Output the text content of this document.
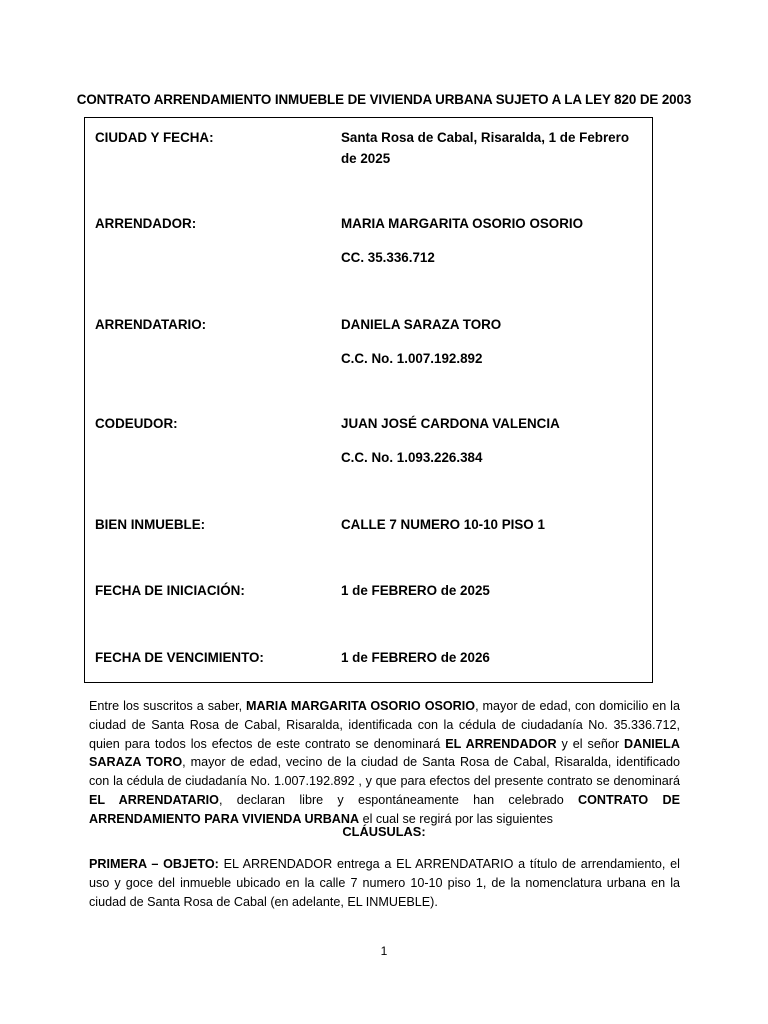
CONTRATO ARRENDAMIENTO INMUEBLE DE VIVIENDA URBANA SUJETO A LA LEY 820 DE 2003
CIUDAD Y FECHA:	Santa Rosa de Cabal, Risaralda, 1 de Febrero de 2025
ARRENDADOR:	MARIA MARGARITA OSORIO OSORIO
CC. 35.336.712
ARRENDATARIO:	DANIELA SARAZA TORO
C.C. No. 1.007.192.892
CODEUDOR:	JUAN JOSÉ CARDONA VALENCIA
C.C. No. 1.093.226.384
BIEN INMUEBLE:	CALLE 7 NUMERO 10-10 PISO 1
FECHA DE INICIACIÓN:	1 de FEBRERO de 2025
FECHA DE VENCIMIENTO:	1 de FEBRERO de 2026
Entre los suscritos a saber, MARIA MARGARITA OSORIO OSORIO, mayor de edad, con domicilio en la ciudad de Santa Rosa de Cabal, Risaralda, identificada con la cédula de ciudadanía No. 35.336.712, quien para todos los efectos de este contrato se denominará EL ARRENDADOR y el señor DANIELA SARAZA TORO, mayor de edad, vecino de la ciudad de Santa Rosa de Cabal, Risaralda, identificado con la cédula de ciudadanía No. 1.007.192.892 , y que para efectos del presente contrato se denominará EL ARRENDATARIO, declaran libre y espontáneamente han celebrado CONTRATO DE ARRENDAMIENTO PARA VIVIENDA URBANA el cual se regirá por las siguientes
CLÁUSULAS:
PRIMERA – OBJETO: EL ARRENDADOR entrega a EL ARRENDATARIO a título de arrendamiento, el uso y goce del inmueble ubicado en la calle 7 numero 10-10 piso 1, de la nomenclatura urbana en la ciudad de Santa Rosa de Cabal (en adelante, EL INMUEBLE).
1
